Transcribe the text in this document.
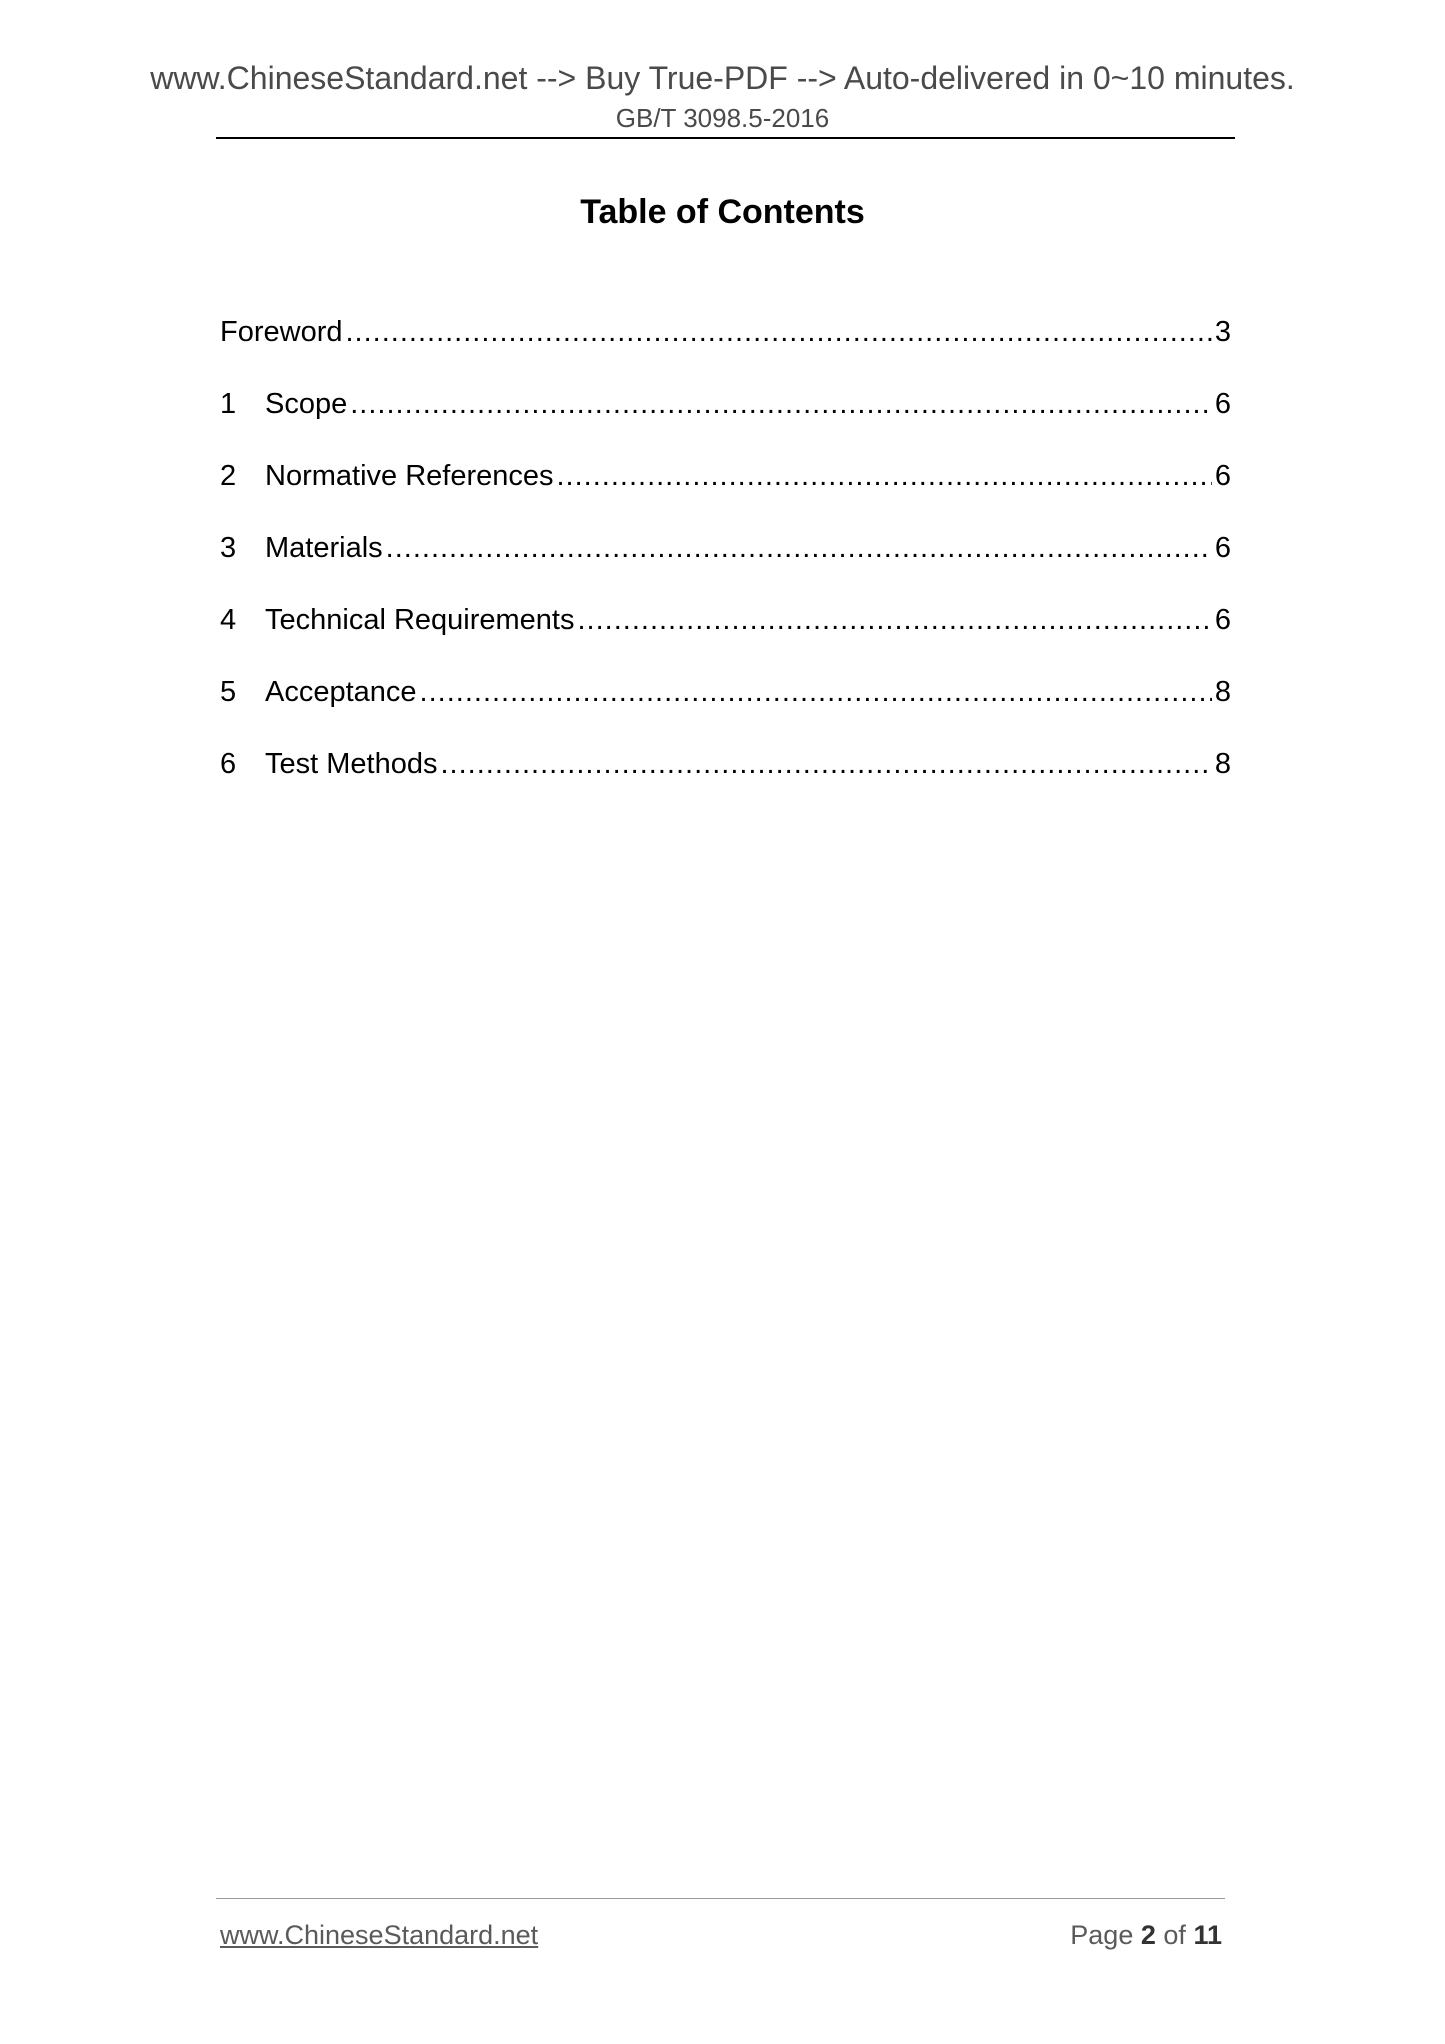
www.ChineseStandard.net --> Buy True-PDF --> Auto-delivered in 0~10 minutes.
GB/T 3098.5-2016
Table of Contents
Foreword .....	3
1 Scope .....	6
2 Normative References .....	6
3 Materials .....	6
4 Technical Requirements .....	6
5 Acceptance .....	8
6 Test Methods .....	8
www.ChineseStandard.net	Page 2 of 11
